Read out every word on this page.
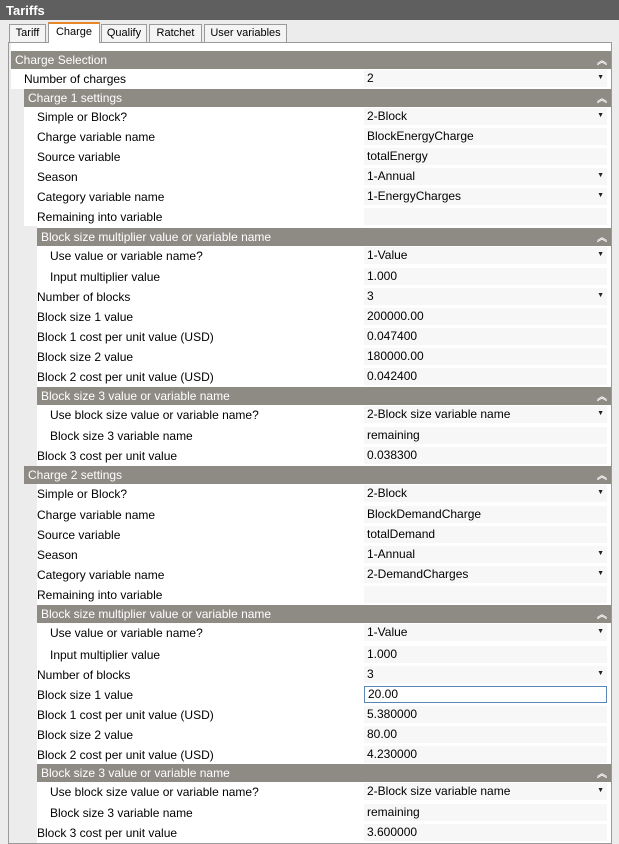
Tariffs
Tariff	Charge	Qualify	Ratchet	User variables
Charge Selection	︽
Number of charges	2	▼
Charge 1 settings	︽
Simple or Block?	2-Block	▼
Charge variable name	BlockEnergyCharge
Source variable	totalEnergy
Season	1-Annual	▼
Category variable name	1-EnergyCharges	▼
Remaining into variable
Block size multiplier value or variable name	︽
Use value or variable name?	1-Value	▼
Input multiplier value	1.000
Number of blocks	3	▼
Block size 1 value	200000.00
Block 1 cost per unit value (USD)	0.047400
Block size 2 value	180000.00
Block 2 cost per unit value (USD)	0.042400
Block size 3 value or variable name	︽
Use block size value or variable name?	2-Block size variable name	▼
Block size 3 variable name	remaining
Block 3 cost per unit value	0.038300
Charge 2 settings	︽
Simple or Block?	2-Block	▼
Charge variable name	BlockDemandCharge
Source variable	totalDemand
Season	1-Annual	▼
Category variable name	2-DemandCharges	▼
Remaining into variable
Block size multiplier value or variable name	︽
Use value or variable name?	1-Value	▼
Input multiplier value	1.000
Number of blocks	3	▼
Block size 1 value	20.00
Block 1 cost per unit value (USD)	5.380000
Block size 2 value	80.00
Block 2 cost per unit value (USD)	4.230000
Block size 3 value or variable name	︽
Use block size value or variable name?	2-Block size variable name	▼
Block size 3 variable name	remaining
Block 3 cost per unit value	3.600000
